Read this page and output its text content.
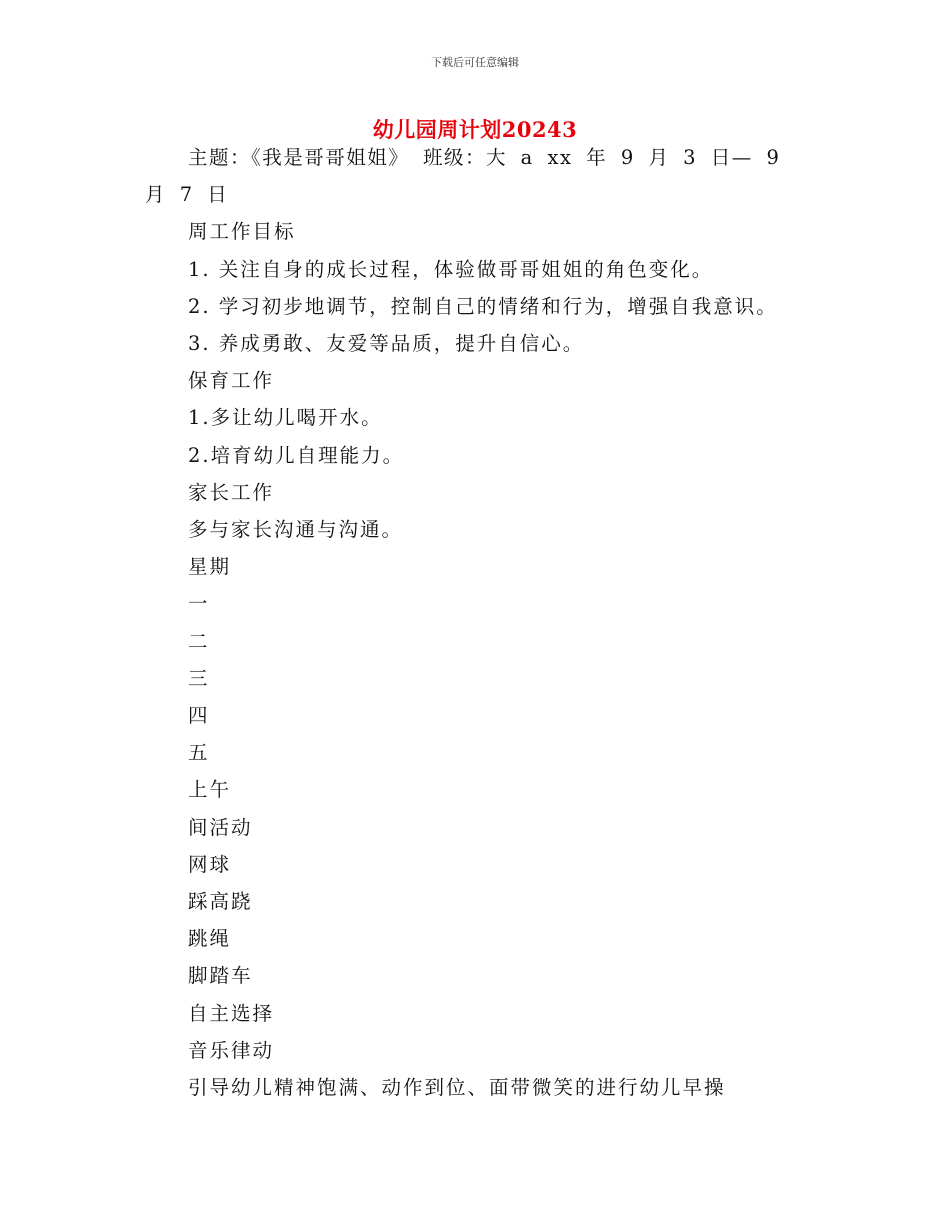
下载后可任意编辑
幼儿园周计划20243
主题：《我是哥哥姐姐》 班级：大 a xx 年 9 月 3 日— 9 月 7 日
周工作目标
1. 关注自身的成长过程，体验做哥哥姐姐的角色变化。
2. 学习初步地调节，控制自己的情绪和行为，增强自我意识。
3. 养成勇敢、友爱等品质，提升自信心。
保育工作
1.多让幼儿喝开水。
2.培育幼儿自理能力。
家长工作
多与家长沟通与沟通。
星期
一
二
三
四
五
上午
间活动
网球
踩高跷
跳绳
脚踏车
自主选择
音乐律动
引导幼儿精神饱满、动作到位、面带微笑的进行幼儿早操
